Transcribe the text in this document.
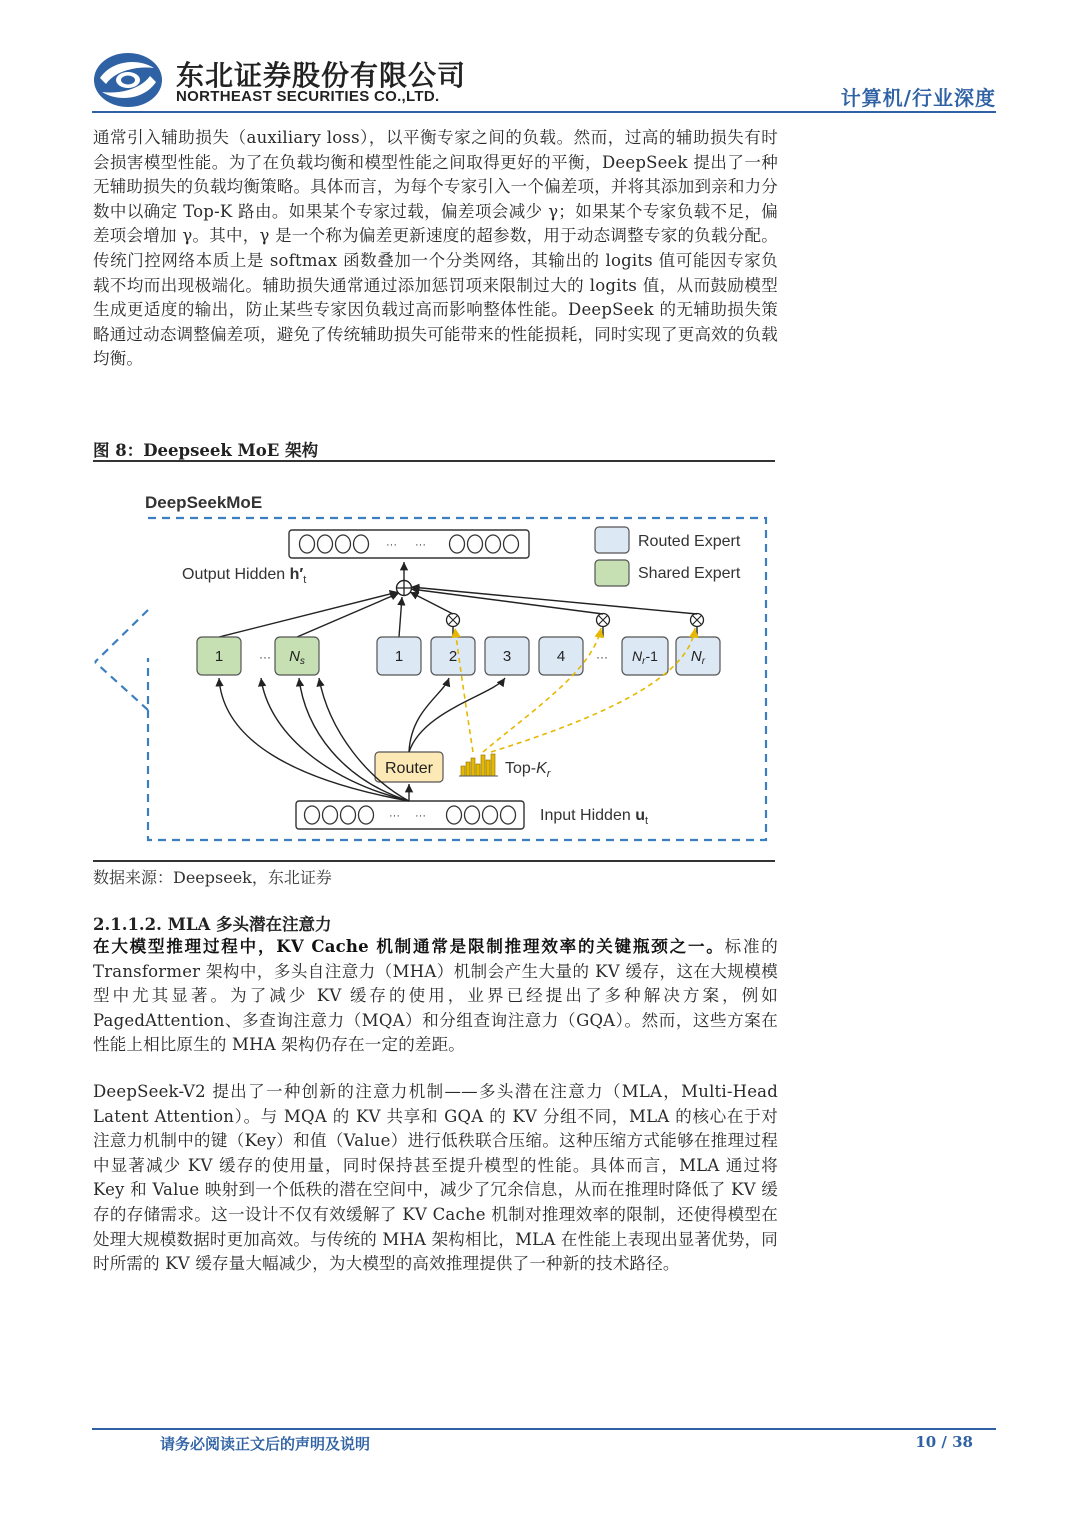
东北证券股份有限公司
NORTHEAST SECURITIES CO.,LTD.	计算机/行业深度
通常引入辅助损失（auxiliary loss），以平衡专家之间的负载。然而，过高的辅助损失有时会损害模型性能。为了在负载均衡和模型性能之间取得更好的平衡，DeepSeek 提出了一种无辅助损失的负载均衡策略。具体而言，为每个专家引入一个偏差项，并将其添加到亲和力分数中以确定 Top-K 路由。如果某个专家过载，偏差项会减少 γ；如果某个专家负载不足，偏差项会增加 γ。其中，γ 是一个称为偏差更新速度的超参数，用于动态调整专家的负载分配。传统门控网络本质上是 softmax 函数叠加一个分类网络，其输出的 logits 值可能因专家负载不均而出现极端化。辅助损失通常通过添加惩罚项来限制过大的 logits 值，从而鼓励模型生成更适度的输出，防止某些专家因负载过高而影响整体性能。DeepSeek 的无辅助损失策略通过动态调整偏差项，避免了传统辅助损失可能带来的性能损耗，同时实现了更高效的负载均衡。
图 8：Deepseek MoE 架构
DeepSeekMoE
··· ···
Output Hidden $h'_t$
Routed Expert
Shared Expert
1	··· $N_s$	1	2	3	4	$N_r-1$ $N_r$
···
··· ···	Input Hidden $u_t$
Router	Top-$K_r$
数据来源：Deepseek，东北证券
2.1.1.2. MLA 多头潜在注意力
在大模型推理过程中，KV Cache 机制通常是限制推理效率的关键瓶颈之一。标准的 Transformer 架构中，多头自注意力（MHA）机制会产生大量的 KV 缓存，这在大规模模型中尤其显著。为了减少 KV 缓存的使用，业界已经提出了多种解决方案，例如 PagedAttention、多查询注意力（MQA）和分组查询注意力（GQA）。然而，这些方案在性能上相比原生的 MHA 架构仍存在一定的差距。
DeepSeek-V2 提出了一种创新的注意力机制——多头潜在注意力（MLA，Multi-Head Latent Attention）。与 MQA 的 KV 共享和 GQA 的 KV 分组不同，MLA 的核心在于对注意力机制中的键（Key）和值（Value）进行低秩联合压缩。这种压缩方式能够在推理过程中显著减少 KV 缓存的使用量，同时保持甚至提升模型的性能。具体而言，MLA 通过将 Key 和 Value 映射到一个低秩的潜在空间中，减少了冗余信息，从而在推理时降低了 KV 缓存的存储需求。这一设计不仅有效缓解了 KV Cache 机制对推理效率的限制，还使得模型在处理大规模数据时更加高效。与传统的 MHA 架构相比，MLA 在性能上表现出显著优势，同时所需的 KV 缓存量大幅减少，为大模型的高效推理提供了一种新的技术路径。
请务必阅读正文后的声明及说明	10 / 38
